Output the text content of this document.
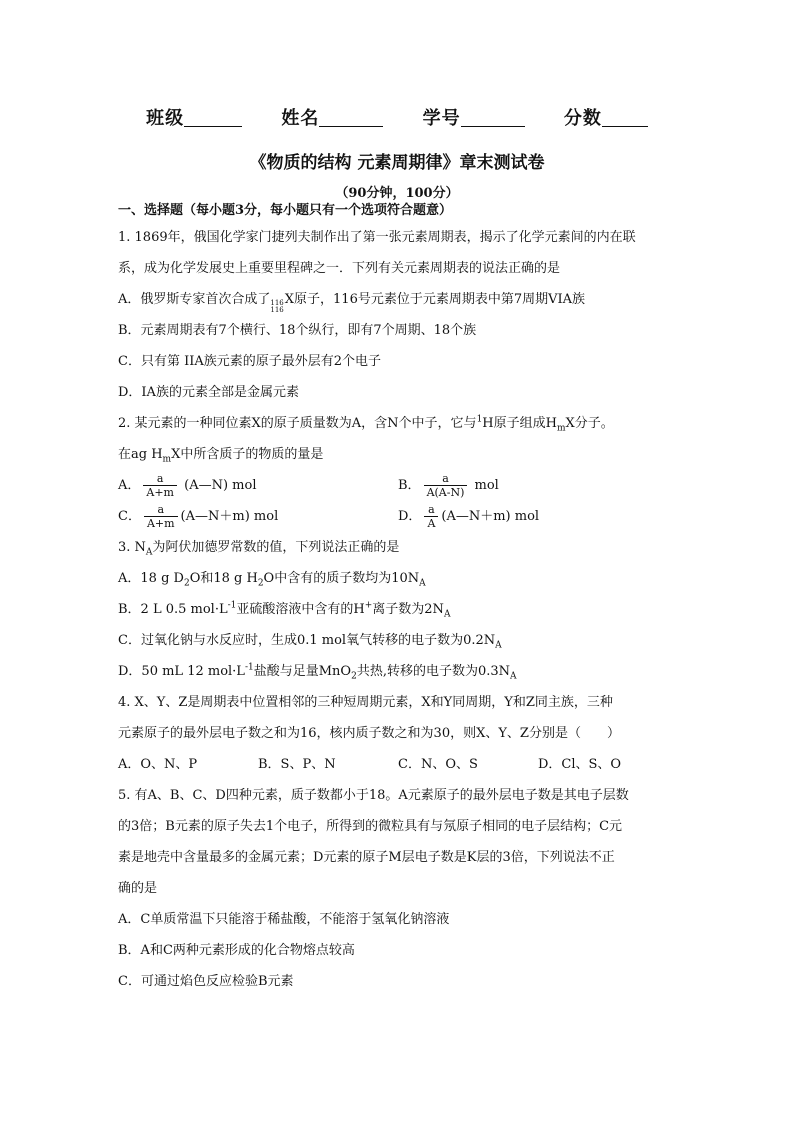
班级	姓名	学号	分数
《物质的结构 元素周期律》章末测试卷
（90分钟，100分）
一、选择题（每小题3分，每小题只有一个选项符合题意）
1. 1869年，俄国化学家门捷列夫制作出了第一张元素周期表，揭示了化学元素间的内在联
系，成为化学发展史上重要里程碑之一．下列有关元素周期表的说法正确的是
A．俄罗斯专家首次合成了 116
116
X原子，116号元素位于元素周期表中第7周期VIA族
B．元素周期表有7个横行、18个纵行，即有7个周期、18个族
C．只有第 IIA族元素的原子最外层有2个电子
D．IA族的元素全部是金属元素
2. 某元素的一种同位素X的原子质量数为A，含N个中子，它与$^1$H原子组成$H_mX$分子。
在ag $H_mX$中所含质子的物质的量是
A． $\frac{a}{A+m}$ (A—N) mol	B． $\frac{a}{A(A-N)}$ mol
C． $\frac{a}{A+m}$ (A—N＋m) mol	D． $\frac{a}{A}$ (A—N＋m) mol
3. $N_A$为阿伏加德罗常数的值，下列说法正确的是
A．18 g $D_2O$和18 g $H_2O$中含有的质子数均为$10N_A$
B．2 L 0.5 $mol\cdot L^{-1}$亚硫酸溶液中含有的H+离子数为$2N_A$
C．过氧化钠与水反应时，生成0.1 mol氧气转移的电子数为$0.2N_A$
D．50 mL 12 $mol\cdot L^{-1}$盐酸与足量MnO$_2$共热,转移的电子数为$0.3N_A$
4. X、Y、Z是周期表中位置相邻的三种短周期元素，X和Y同周期，Y和Z同主族，三种
元素原子的最外层电子数之和为16，核内质子数之和为30，则X、Y、Z分别是（　　）
A．O、N、P	B．S、P、N	C．N、O、S	D．Cl、S、O
5. 有A、B、C、D四种元素，质子数都小于18。A元素原子的最外层电子数是其电子层数
的3倍；B元素的原子失去1个电子，所得到的微粒具有与氖原子相同的电子层结构；C元
素是地壳中含量最多的金属元素；D元素的原子M层电子数是K层的3倍，下列说法不正
确的是
A．C单质常温下只能溶于稀盐酸，不能溶于氢氧化钠溶液
B．A和C两种元素形成的化合物熔点较高
C．可通过焰色反应检验B元素
